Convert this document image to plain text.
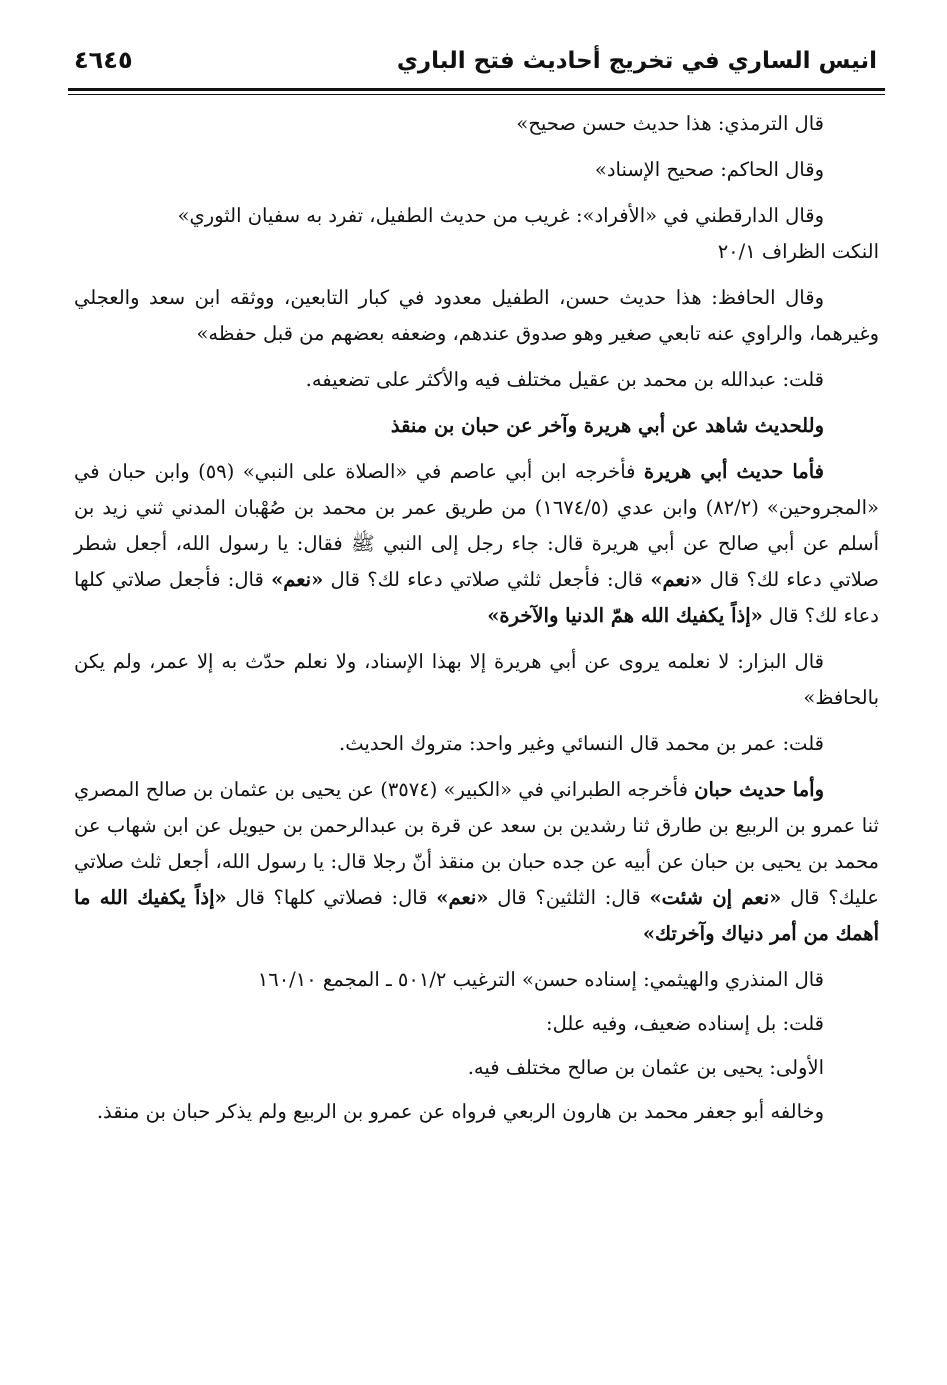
انيس الساري في تخريج أحاديث فتح الباري
٤٦٤٥

قال الترمذي: هذا حديث حسن صحيح»

وقال الحاكم: صحيح الإسناد»

وقال الدارقطني في «الأفراد»: غريب من حديث الطفيل، تفرد به سفيان الثوري»
النكت الظراف ٢٠/١

وقال الحافظ: هذا حديث حسن، الطفيل معدود في كبار التابعين، ووثقه ابن سعد والعجلي وغيرهما، والراوي عنه تابعي صغير وهو صدوق عندهم، وضعفه بعضهم من قبل حفظه»

قلت: عبدالله بن محمد بن عقيل مختلف فيه والأكثر على تضعيفه.

وللحديث شاهد عن أبي هريرة وآخر عن حبان بن منقذ

فأما حديث أبي هريرة فأخرجه ابن أبي عاصم في «الصلاة على النبي» (٥٩) وابن حبان في «المجروحين» (٨٢/٢) وابن عدي (١٦٧٤/٥) من طريق عمر بن محمد بن صُهْبان المدني ثني زيد بن أسلم عن أبي صالح عن أبي هريرة قال: جاء رجل إلى النبي ﷺ فقال: يا رسول الله، أجعل شطر صلاتي دعاء لك؟ قال «نعم» قال: فأجعل ثلثي صلاتي دعاء لك؟ قال «نعم» قال: فأجعل صلاتي كلها دعاء لك؟ قال «إذاً يكفيك الله همّ الدنيا والآخرة»

قال البزار: لا نعلمه يروى عن أبي هريرة إلا بهذا الإسناد، ولا نعلم حدّث به إلا عمر، ولم يكن بالحافظ»

قلت: عمر بن محمد قال النسائي وغير واحد: متروك الحديث.

وأما حديث حبان فأخرجه الطبراني في «الكبير» (٣٥٧٤) عن يحيى بن عثمان بن صالح المصري ثنا عمرو بن الربيع بن طارق ثنا رشدين بن سعد عن قرة بن عبدالرحمن بن حيويل عن ابن شهاب عن محمد بن يحيى بن حبان عن أبيه عن جده حبان بن منقذ أنّ رجلا قال: يا رسول الله، أجعل ثلث صلاتي عليك؟ قال «نعم إن شئت» قال: الثلثين؟ قال «نعم» قال: فصلاتي كلها؟ قال «إذاً يكفيك الله ما أهمك من أمر دنياك وآخرتك»

قال المنذري والهيثمي: إسناده حسن» الترغيب ٥٠١/٢ ـ المجمع ١٦٠/١٠

قلت: بل إسناده ضعيف، وفيه علل:

الأولى: يحيى بن عثمان بن صالح مختلف فيه.

وخالفه أبو جعفر محمد بن هارون الربعي فرواه عن عمرو بن الربيع ولم يذكر حبان بن منقذ.
